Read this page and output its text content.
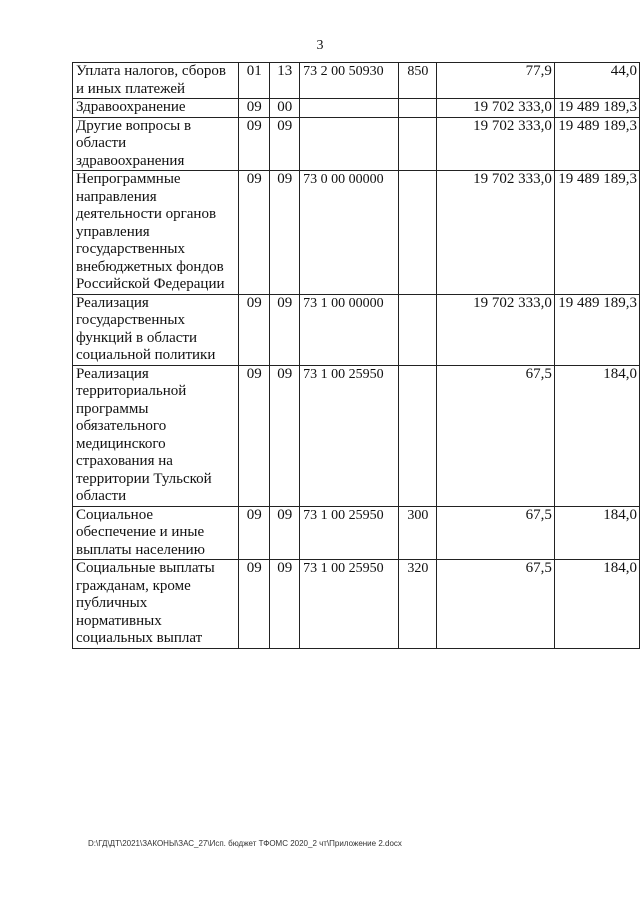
3
Уплата налогов, сборов и иных платежей	01	13	73 2 00 50930	850	77,9	44,0
Здравоохранение	09	00			19 702 333,0	19 489 189,3
Другие вопросы в области здравоохранения	09	09			19 702 333,0	19 489 189,3
Непрограммные направления деятельности органов управления государственных внебюджетных фондов Российской Федерации	09	09	73 0 00 00000		19 702 333,0	19 489 189,3
Реализация государственных функций в области социальной политики	09	09	73 1 00 00000		19 702 333,0	19 489 189,3
Реализация территориальной программы обязательного медицинского страхования на территории Тульской области	09	09	73 1 00 25950		67,5	184,0
Социальное обеспечение и иные выплаты населению	09	09	73 1 00 25950	300	67,5	184,0
Социальные выплаты гражданам, кроме публичных нормативных социальных выплат	09	09	73 1 00 25950	320	67,5	184,0
D:\ГД\ДТ\2021\ЗАКОНЫ\ЗАС_27\Исп. бюджет ТФОМС 2020_2 чт\Приложение 2.docx
